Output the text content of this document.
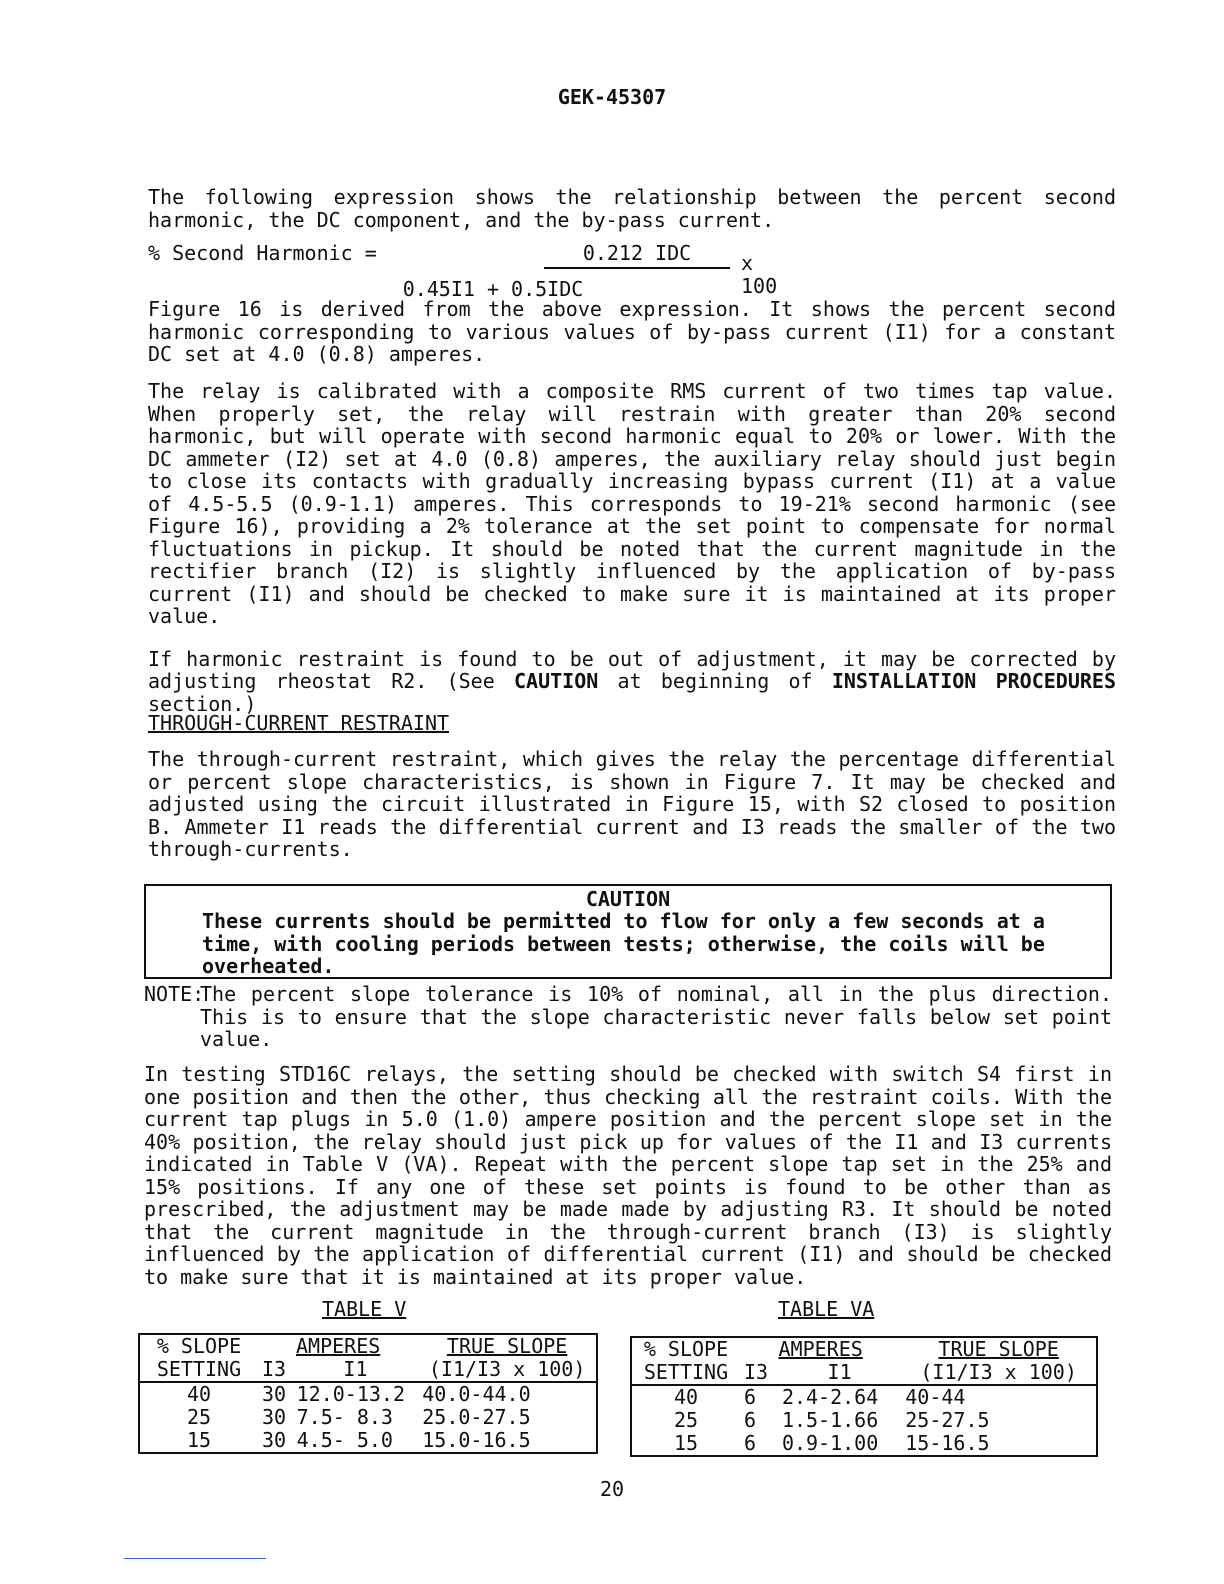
GEK-45307
The following expression shows the relationship between the percent second harmonic, the DC component, and the by-pass current.
% Second Harmonic =	0.212 IDC
0.45I1 + 0.5IDC
x 100
Figure 16 is derived from the above expression. It shows the percent second harmonic corresponding to various values of by-pass current (I1) for a constant DC set at 4.0 (0.8) amperes.
The relay is calibrated with a composite RMS current of two times tap value. When properly set, the relay will restrain with greater than 20% second harmonic, but will operate with second harmonic equal to 20% or lower. With the DC ammeter (I2) set at 4.0 (0.8) amperes, the auxiliary relay should just begin to close its contacts with gradually increasing bypass current (I1) at a value of 4.5-5.5 (0.9-1.1) amperes. This corresponds to 19-21% second harmonic (see Figure 16), providing a 2% tolerance at the set point to compensate for normal fluctuations in pickup. It should be noted that the current magnitude in the rectifier branch (I2) is slightly influenced by the application of by-pass current (I1) and should be checked to make sure it is maintained at its proper value.

If harmonic restraint is found to be out of adjustment, it may be corrected by adjusting rheostat R2. (See CAUTION at beginning of INSTALLATION PROCEDURES section.)

THROUGH-CURRENT RESTRAINT
The through-current restraint, which gives the relay the percentage differential or percent slope characteristics, is shown in Figure 7. It may be checked and adjusted using the circuit illustrated in Figure 15, with S2 closed to position B. Ammeter I1 reads the differential current and I3 reads the smaller of the two through-currents.
CAUTION
These currents should be permitted to flow for only a few seconds at a time, with cooling periods between tests; otherwise, the coils will be overheated.
NOTE:
The percent slope tolerance is 10% of nominal, all in the plus direction. This is to ensure that the slope characteristic never falls below set point value.
In testing STD16C relays, the setting should be checked with switch S4 first in one position and then the other, thus checking all the restraint coils. With the current tap plugs in 5.0 (1.0) ampere position and the percent slope set in the 40% position, the relay should just pick up for values of the I1 and I3 currents indicated in Table V (VA). Repeat with the percent slope tap set in the 25% and 15% positions. If any one of these set points is found to be other than as prescribed, the adjustment may be made made by adjusting R3. It should be noted that the current magnitude in the through-current branch (I3) is slightly influenced by the application of differential current (I1) and should be checked to make sure that it is maintained at its proper value.
TABLE V	TABLE VA
% SLOPE	AMPERES		TRUE SLOPE
SETTING	I3	I1	(I1/I3 x 100)
40	30	12.0-13.2	40.0-44.0
25	30	7.5- 8.3	25.0-27.5
15	30	4.5- 5.0	15.0-16.5
% SLOPE	AMPERES		TRUE SLOPE
SETTING	I3	I1	(I1/I3 x 100)
40	6	2.4-2.64	40-44
25	6	1.5-1.66	25-27.5
15	6	0.9-1.00	15-16.5
20
